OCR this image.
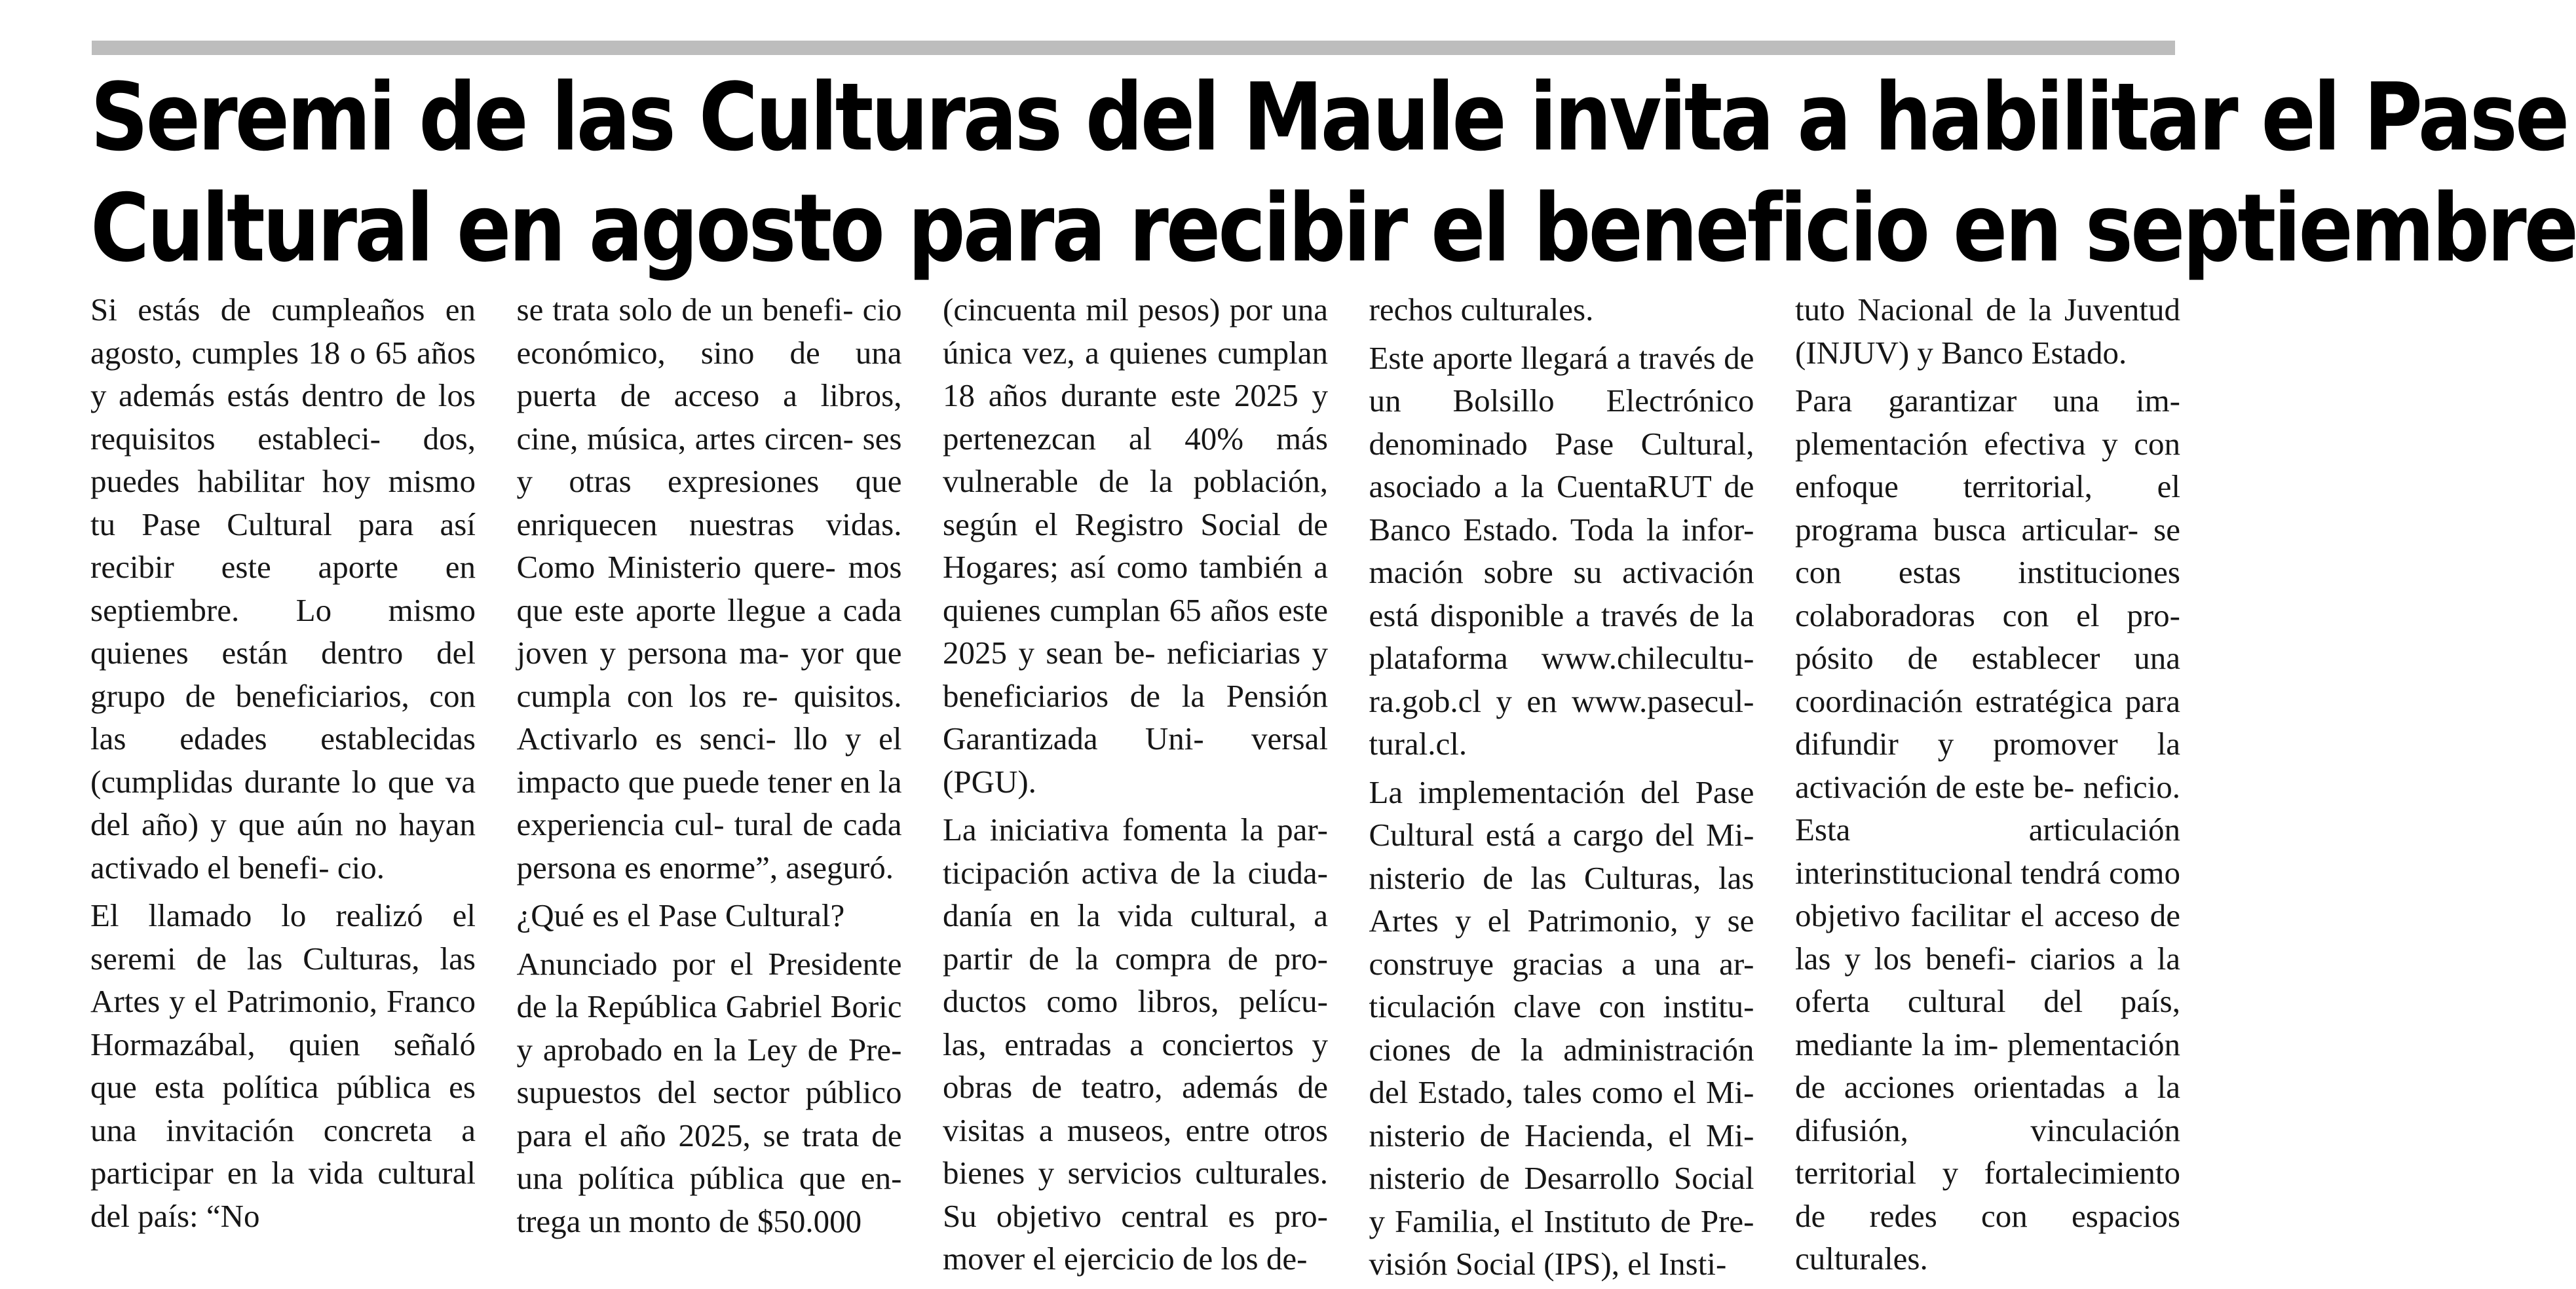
Seremi de las Culturas del Maule invita a habilitar el Pase
Cultural en agosto para recibir el beneficio en septiembre

Si estás de cumpleaños en agosto, cumples 18 o 65 años y además estás dentro de los requisitos estableci- dos, puedes habilitar hoy mismo tu Pase Cultural para así recibir este aporte en septiembre. Lo mismo quienes están dentro del grupo de beneficiarios, con las edades establecidas (cumplidas durante lo que va del año) y que aún no hayan activado el benefi- cio.

El llamado lo realizó el seremi de las Culturas, las Artes y el Patrimonio, Franco Hormazábal, quien señaló que esta política pública es una invitación concreta a participar en la vida cultural del país: “No

se trata solo de un benefi- cio económico, sino de una puerta de acceso a libros, cine, música, artes circen- ses y otras expresiones que enriquecen nuestras vidas. Como Ministerio quere- mos que este aporte llegue a cada joven y persona ma- yor que cumpla con los re- quisitos. Activarlo es senci- llo y el impacto que puede tener en la experiencia cul- tural de cada persona es enorme”, aseguró.

¿Qué es el Pase Cultural?

Anunciado por el Presidente de la República Gabriel Boric y aprobado en la Ley de Pre- supuestos del sector público para el año 2025, se trata de una política pública que en- trega un monto de $50.000

(cincuenta mil pesos) por una única vez, a quienes cumplan 18 años durante este 2025 y pertenezcan al 40% más vulnerable de la población, según el Registro Social de Hogares; así como también a quienes cumplan 65 años este 2025 y sean be- neficiarias y beneficiarios de la Pensión Garantizada Uni- versal (PGU).

La iniciativa fomenta la par- ticipación activa de la ciuda- danía en la vida cultural, a partir de la compra de pro- ductos como libros, pelícu- las, entradas a conciertos y obras de teatro, además de visitas a museos, entre otros bienes y servicios culturales. Su objetivo central es pro- mover el ejercicio de los de-

rechos culturales.

Este aporte llegará a través de un Bolsillo Electrónico denominado Pase Cultural, asociado a la CuentaRUT de Banco Estado. Toda la infor- mación sobre su activación está disponible a través de la plataforma www.chilecultu- ra.gob.cl y en www.pasecul- tural.cl.

La implementación del Pase Cultural está a cargo del Mi- nisterio de las Culturas, las Artes y el Patrimonio, y se construye gracias a una ar- ticulación clave con institu- ciones de la administración del Estado, tales como el Mi- nisterio de Hacienda, el Mi- nisterio de Desarrollo Social y Familia, el Instituto de Pre- visión Social (IPS), el Insti-

tuto Nacional de la Juventud (INJUV) y Banco Estado.

Para garantizar una im- plementación efectiva y con enfoque territorial, el programa busca articular- se con estas instituciones colaboradoras con el pro- pósito de establecer una coordinación estratégica para difundir y promover la activación de este be- neficio. Esta articulación interinstitucional tendrá como objetivo facilitar el acceso de las y los benefi- ciarios a la oferta cultural del país, mediante la im- plementación de acciones orientadas a la difusión, vinculación territorial y fortalecimiento de redes con espacios culturales.
